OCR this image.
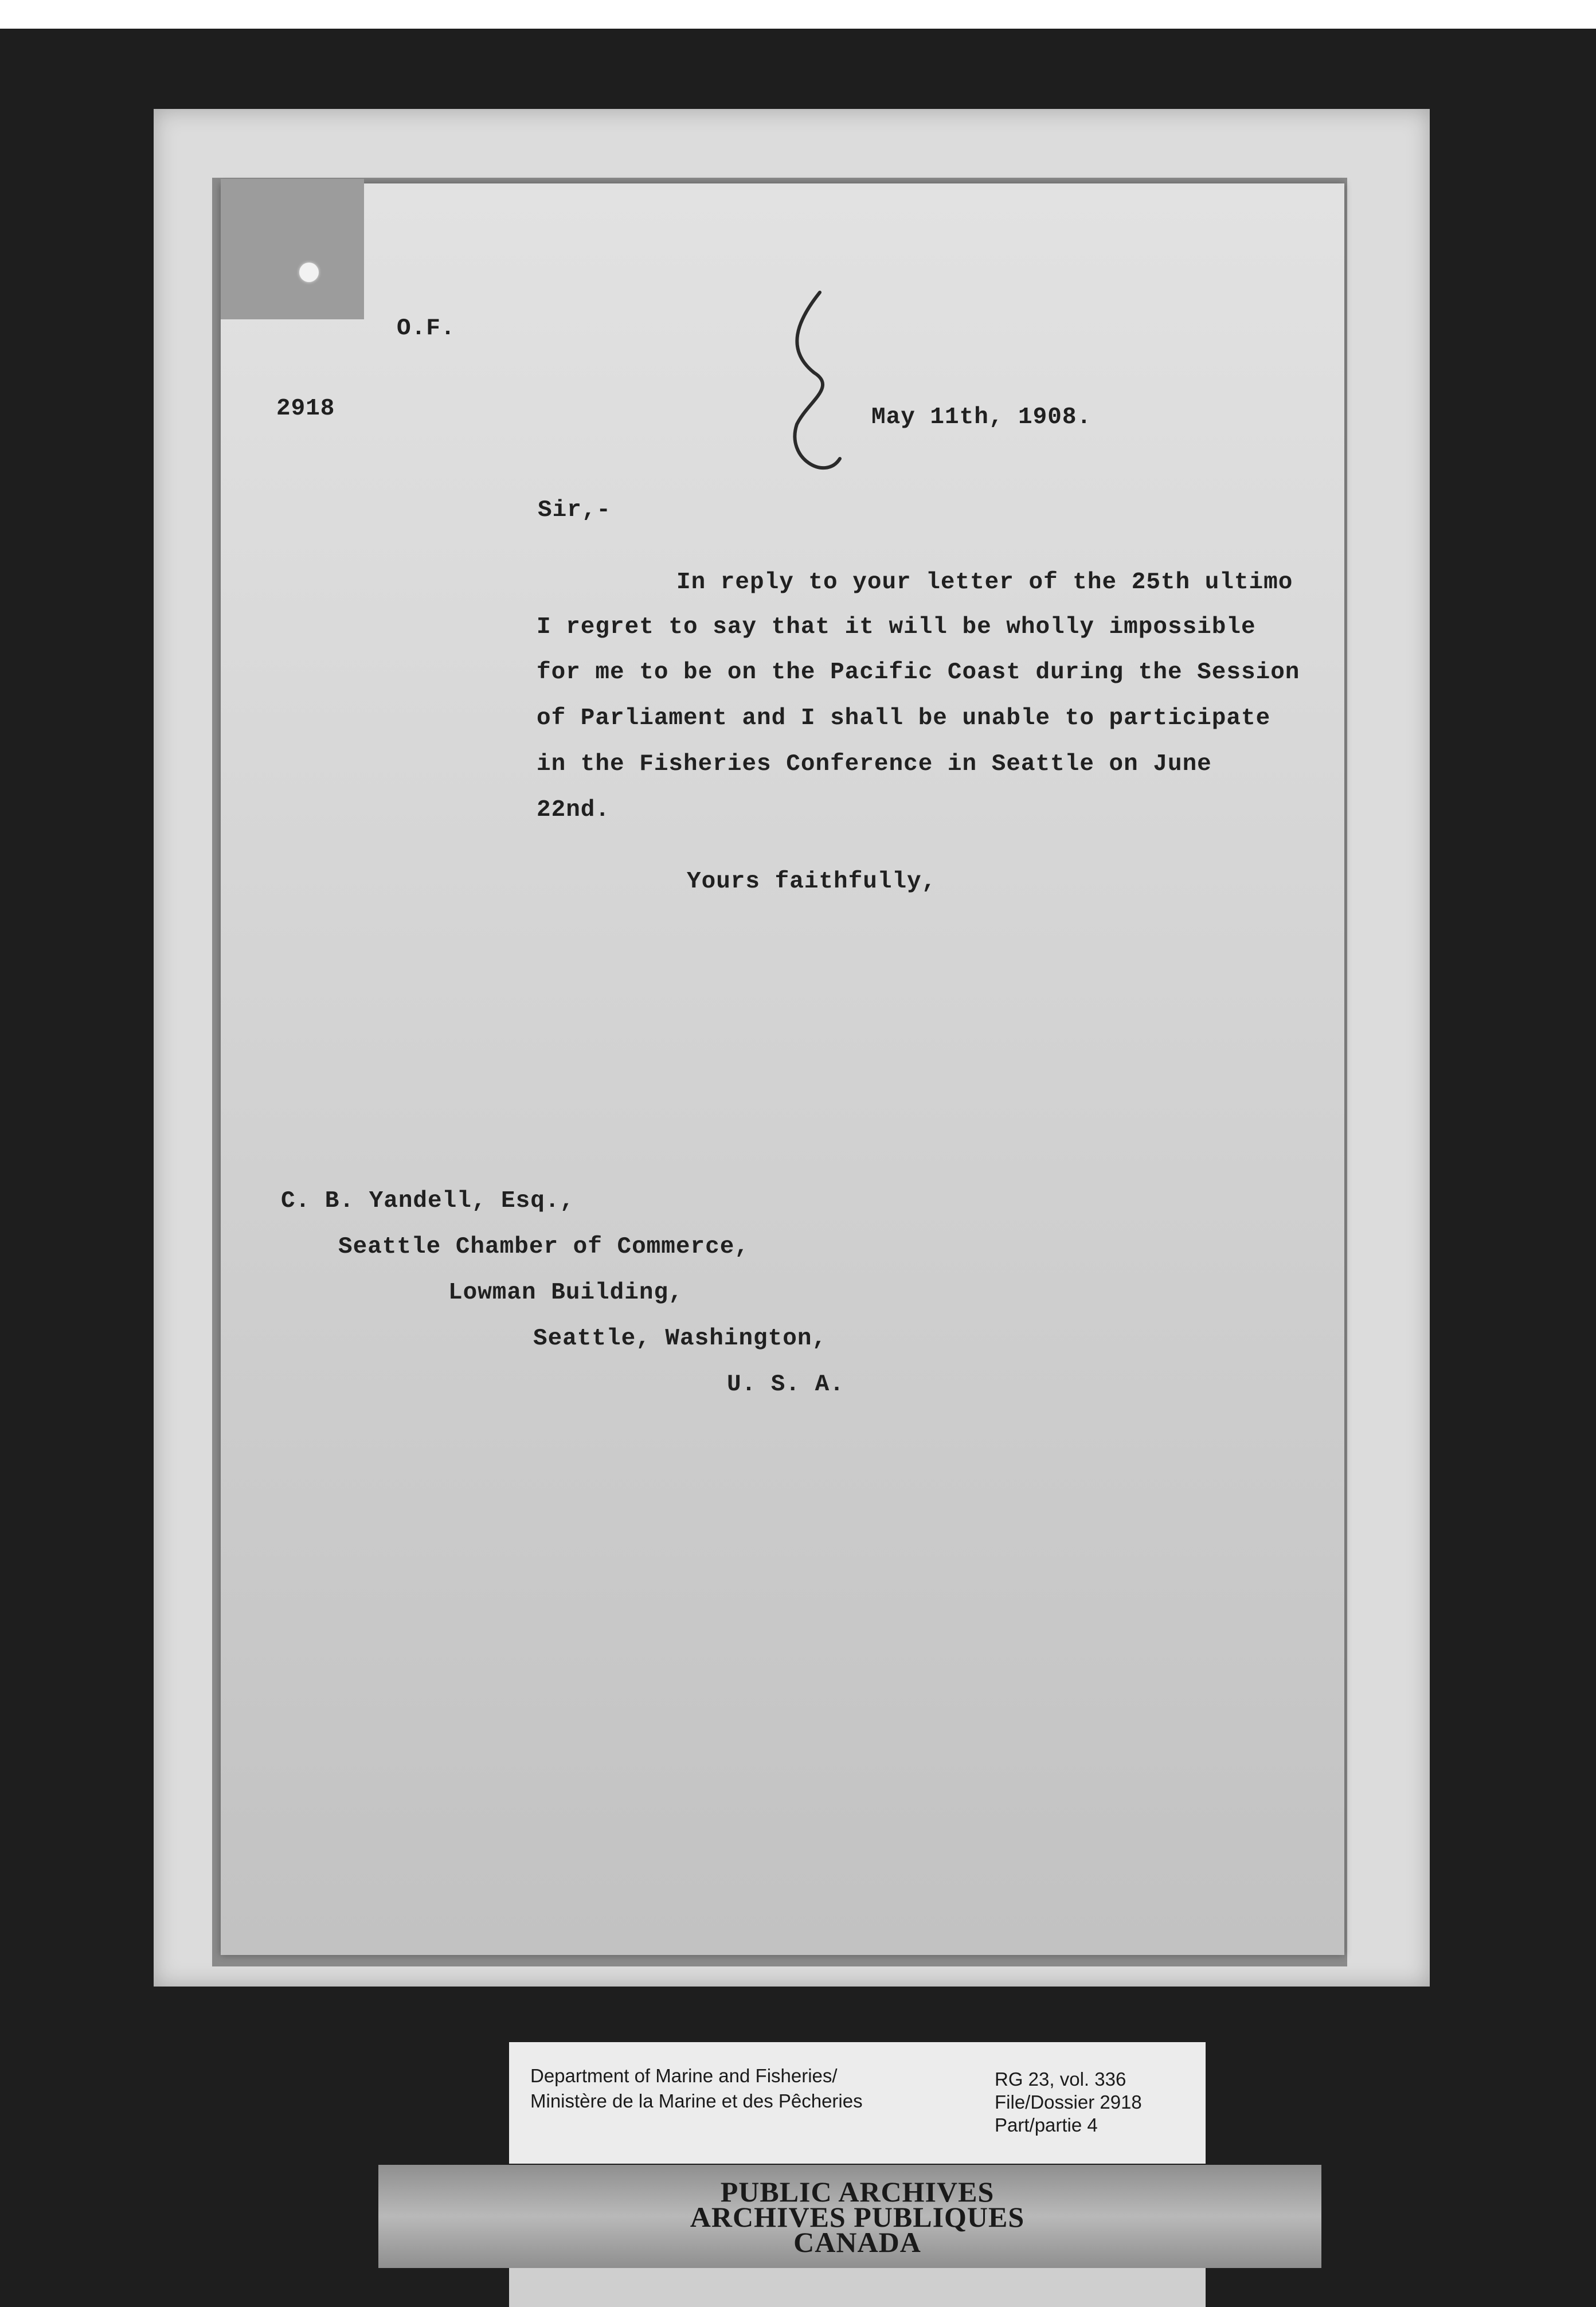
O.F.

2918	May 11th, 1908.

Sir,-

In reply to your letter of the 25th ultimo

I regret to say that it will be wholly impossible

for me to be on the Pacific Coast during the Session

of Parliament and I shall be unable to participate

in the Fisheries Conference in Seattle on June

22nd.

Yours faithfully,

C. B. Yandell, Esq.,

Seattle Chamber of Commerce,

Lowman Building,

Seattle, Washington,

U. S. A.

Department of Marine and Fisheries/

Ministère de la Marine et des Pêcheries

RG 23, vol. 336

File/Dossier 2918

Part/partie 4

PUBLIC ARCHIVES

ARCHIVES PUBLIQUES

CANADA
